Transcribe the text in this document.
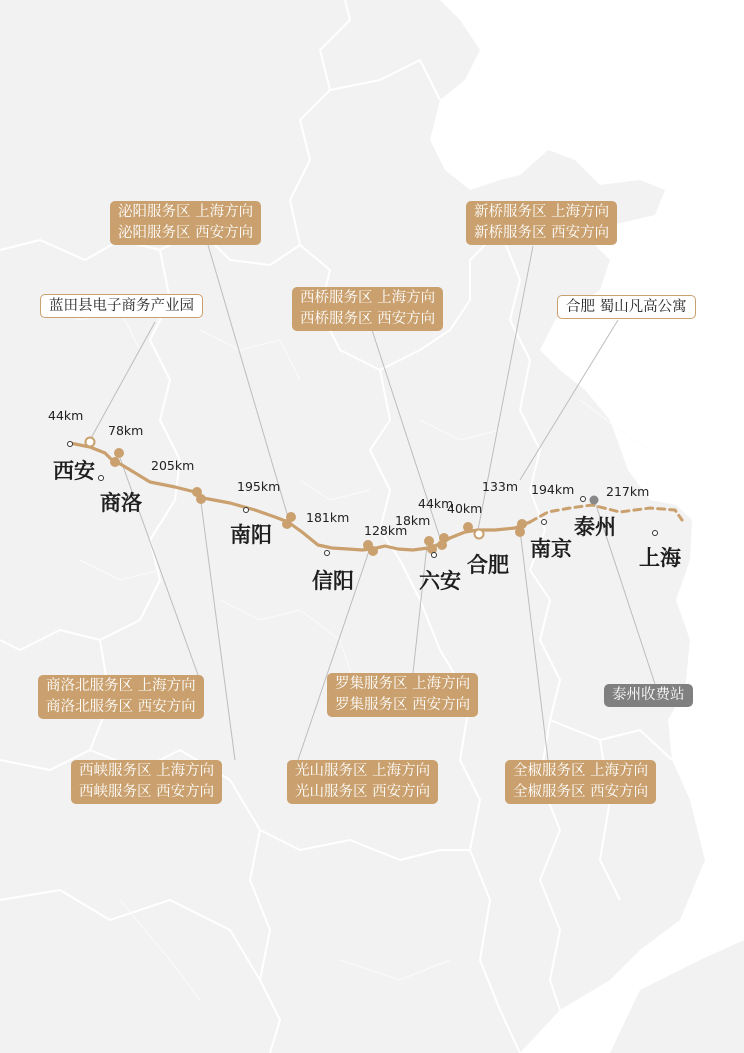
西安
商洛
南阳
信阳	六安
合肥
南京
泰州
上海
44km
78km
205km
195km
181km
128km
18km
44km
40km
133m 194km	217km
泌阳服务区 上海方向
泌阳服务区 西安方向
蓝田县电子商务产业园	西桥服务区 上海方向
西桥服务区 西安方向
新桥服务区 上海方向
新桥服务区 西安方向
合肥 蜀山凡高公寓
商洛北服务区 上海方向
商洛北服务区 西安方向
西峡服务区 上海方向
西峡服务区 西安方向
罗集服务区 上海方向
罗集服务区 西安方向
光山服务区 上海方向
光山服务区 西安方向
全椒服务区 上海方向
全椒服务区 西安方向
泰州收费站
